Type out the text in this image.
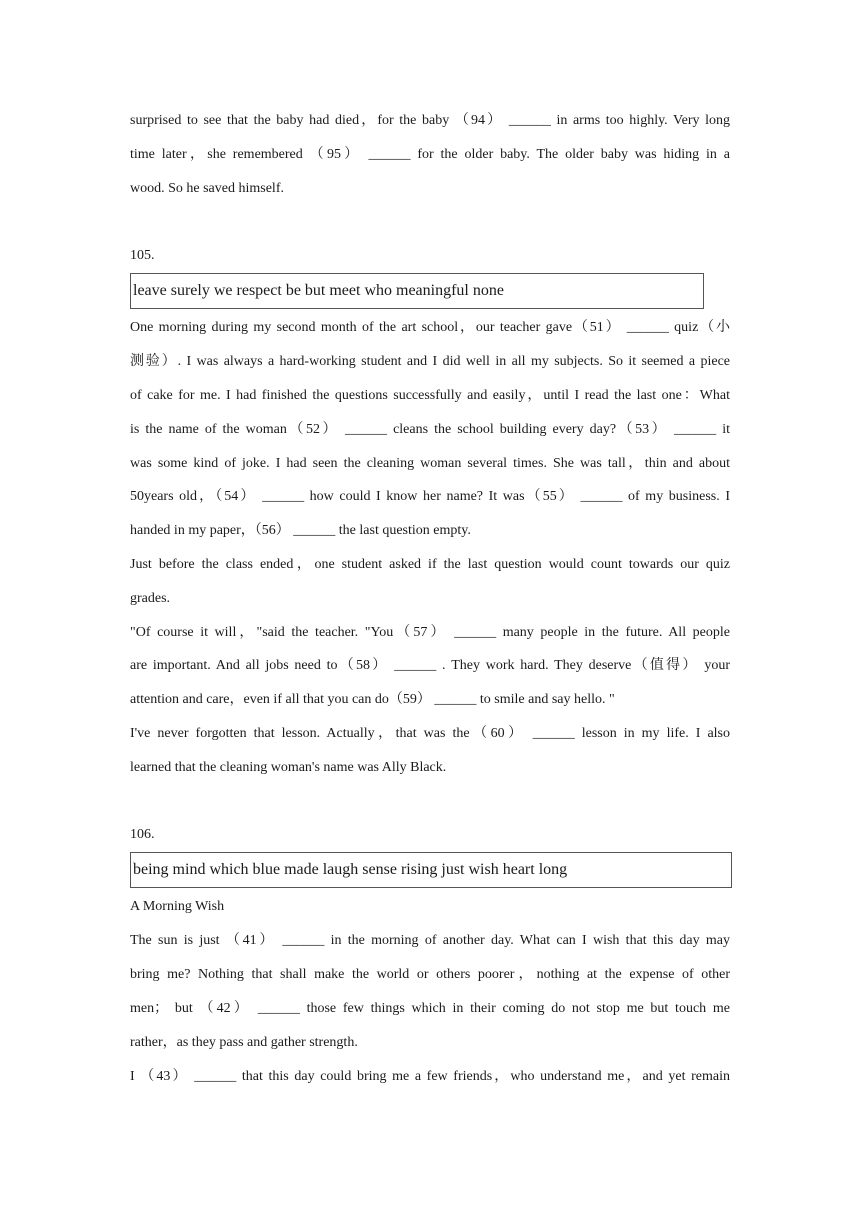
surprised to see that the baby had died，for the baby （94） ______ in arms too highly. Very long
time later，she remembered （95） ______ for the older baby. The older baby was hiding in a
wood. So he saved himself.
105.
leave surely we respect be but meet who meaningful none
One morning during my second month of the art school，our teacher gave（51） ______ quiz（小
测验）. I was always a hard-working student and I did well in all my subjects. So it seemed a piece
of cake for me. I had finished the questions successfully and easily，until I read the last one：What
is the name of the woman（52） ______ cleans the school building every day?（53） ______ it
was some kind of joke. I had seen the cleaning woman several times. She was tall，thin and about
50years old，（54） ______ how could I know her name? It was（55） ______ of my business. I
handed in my paper，（56） ______ the last question empty.
Just before the class ended，one student asked if the last question would count towards our quiz
grades.
"Of course it will，"said the teacher. "You（57） ______ many people in the future. All people
are important. And all jobs need to（58） ______ . They work hard. They deserve（值得） your
attention and care，even if all that you can do（59） ______ to smile and say hello. "
I've never forgotten that lesson. Actually，that was the（60） ______ lesson in my life. I also
learned that the cleaning woman's name was Ally Black.
106.
being mind which blue made laugh sense rising just wish heart long
A Morning Wish
The sun is just （41） ______ in the morning of another day. What can I wish that this day may
bring me? Nothing that shall make the world or others poorer，nothing at the expense of other
men； but （42） ______ those few things which in their coming do not stop me but touch me
rather，as they pass and gather strength.
I （43） ______ that this day could bring me a few friends，who understand me，and yet remain
